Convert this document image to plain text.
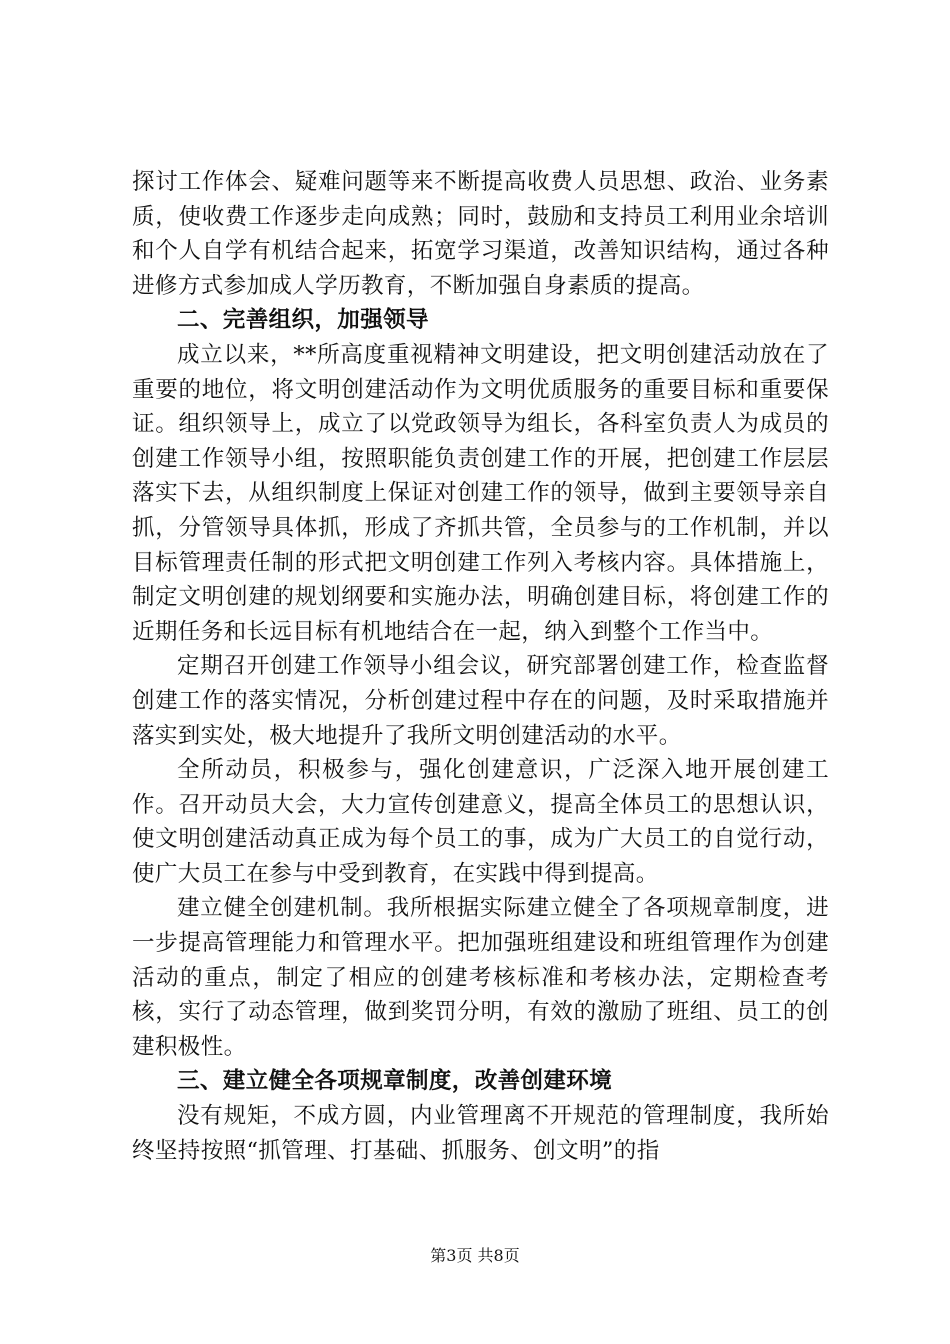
探讨工作体会、疑难问题等来不断提高收费人员思想、政治、业务素质，使收费工作逐步走向成熟；同时，鼓励和支持员工利用业余培训和个人自学有机结合起来，拓宽学习渠道，改善知识结构，通过各种进修方式参加成人学历教育，不断加强自身素质的提高。

二、完善组织，加强领导

成立以来，**所高度重视精神文明建设，把文明创建活动放在了重要的地位，将文明创建活动作为文明优质服务的重要目标和重要保证。组织领导上，成立了以党政领导为组长，各科室负责人为成员的创建工作领导小组，按照职能负责创建工作的开展，把创建工作层层落实下去，从组织制度上保证对创建工作的领导，做到主要领导亲自抓，分管领导具体抓，形成了齐抓共管，全员参与的工作机制，并以目标管理责任制的形式把文明创建工作列入考核内容。具体措施上，制定文明创建的规划纲要和实施办法，明确创建目标，将创建工作的近期任务和长远目标有机地结合在一起，纳入到整个工作当中。

定期召开创建工作领导小组会议，研究部署创建工作，检查监督创建工作的落实情况，分析创建过程中存在的问题，及时采取措施并落实到实处，极大地提升了我所文明创建活动的水平。

全所动员，积极参与，强化创建意识，广泛深入地开展创建工作。召开动员大会，大力宣传创建意义，提高全体员工的思想认识，使文明创建活动真正成为每个员工的事，成为广大员工的自觉行动，使广大员工在参与中受到教育，在实践中得到提高。

建立健全创建机制。我所根据实际建立健全了各项规章制度，进一步提高管理能力和管理水平。把加强班组建设和班组管理作为创建活动的重点，制定了相应的创建考核标准和考核办法，定期检查考核，实行了动态管理，做到奖罚分明，有效的激励了班组、员工的创建积极性。

三、建立健全各项规章制度，改善创建环境

没有规矩，不成方圆，内业管理离不开规范的管理制度，我所始终坚持按照“抓管理、打基础、抓服务、创文明”的指

第3页 共8页
